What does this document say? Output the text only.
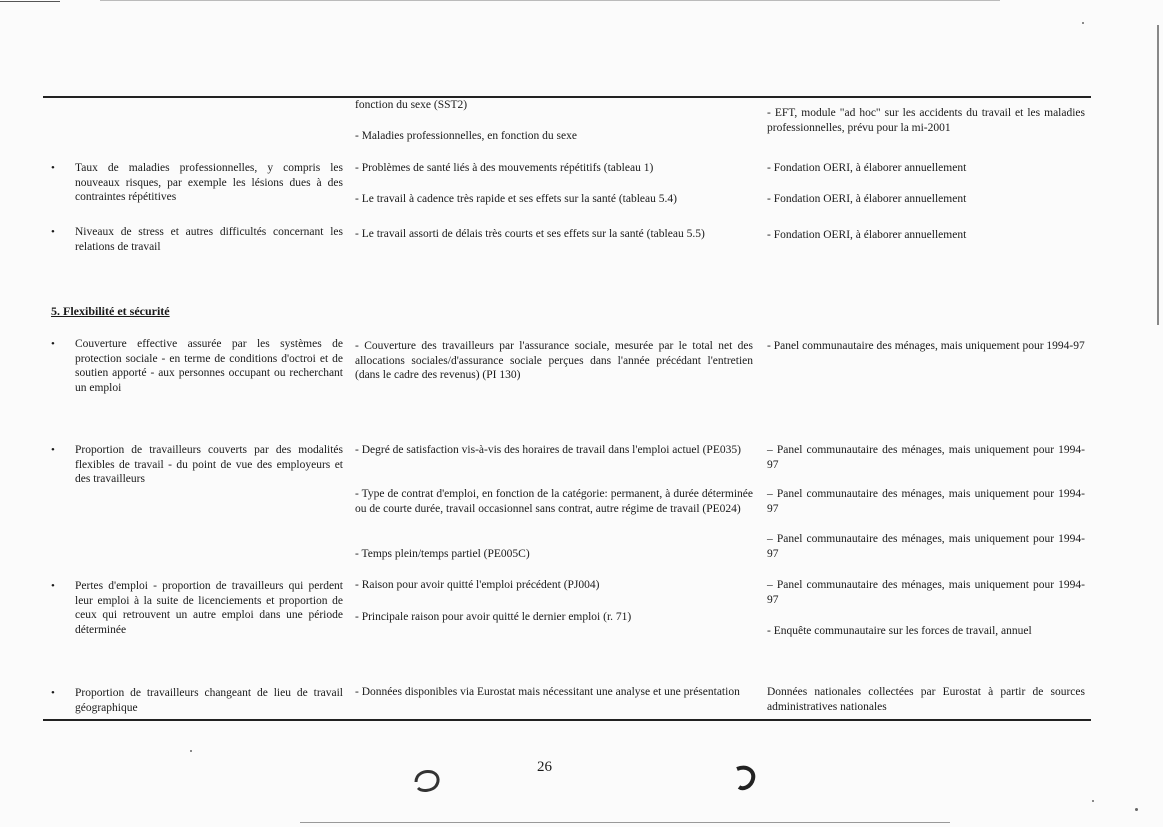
fonction du sexe (SST2)
- Maladies professionnelles, en fonction du sexe
- EFT, module "ad hoc" sur les accidents du travail et les maladies professionnelles, prévu pour la mi-2001
• Taux de maladies professionnelles, y compris les nouveaux risques, par exemple les lésions dues à des contraintes répétitives
- Problèmes de santé liés à des mouvements répétitifs (tableau 1)
- Le travail à cadence très rapide et ses effets sur la santé (tableau 5.4)
- Fondation OERI, à élaborer annuellement
- Fondation OERI, à élaborer annuellement
• Niveaux de stress et autres difficultés concernant les relations de travail
- Le travail assorti de délais très courts et ses effets sur la santé (tableau 5.5)	- Fondation OERI, à élaborer annuellement
5. Flexibilité et sécurité
• Couverture effective assurée par les systèmes de protection sociale - en terme de conditions d'octroi et de soutien apporté - aux personnes occupant ou recherchant un emploi
- Couverture des travailleurs par l'assurance sociale, mesurée par le total net des allocations sociales/d'assurance sociale perçues dans l'année précédant l'entretien (dans le cadre des revenus) (PI 130)
- Panel communautaire des ménages, mais uniquement pour 1994-97
• Proportion de travailleurs couverts par des modalités flexibles de travail - du point de vue des employeurs et des travailleurs
- Degré de satisfaction vis-à-vis des horaires de travail dans l'emploi actuel (PE035)
- Type de contrat d'emploi, en fonction de la catégorie: permanent, à durée déterminée ou de courte durée, travail occasionnel sans contrat, autre régime de travail (PE024)
- Temps plein/temps partiel (PE005C)
– Panel communautaire des ménages, mais uniquement pour 1994-97
– Panel communautaire des ménages, mais uniquement pour 1994-97
– Panel communautaire des ménages, mais uniquement pour 1994-97
• Pertes d'emploi - proportion de travailleurs qui perdent leur emploi à la suite de licenciements et proportion de ceux qui retrouvent un autre emploi dans une période déterminée
- Raison pour avoir quitté l'emploi précédent (PJ004)
- Principale raison pour avoir quitté le dernier emploi (r. 71)
– Panel communautaire des ménages, mais uniquement pour 1994-97
- Enquête communautaire sur les forces de travail, annuel
• Proportion de travailleurs changeant de lieu de travail géographique
- Données disponibles via Eurostat mais nécessitant une analyse et une présentation	Données nationales collectées par Eurostat à partir de sources administratives nationales
26
